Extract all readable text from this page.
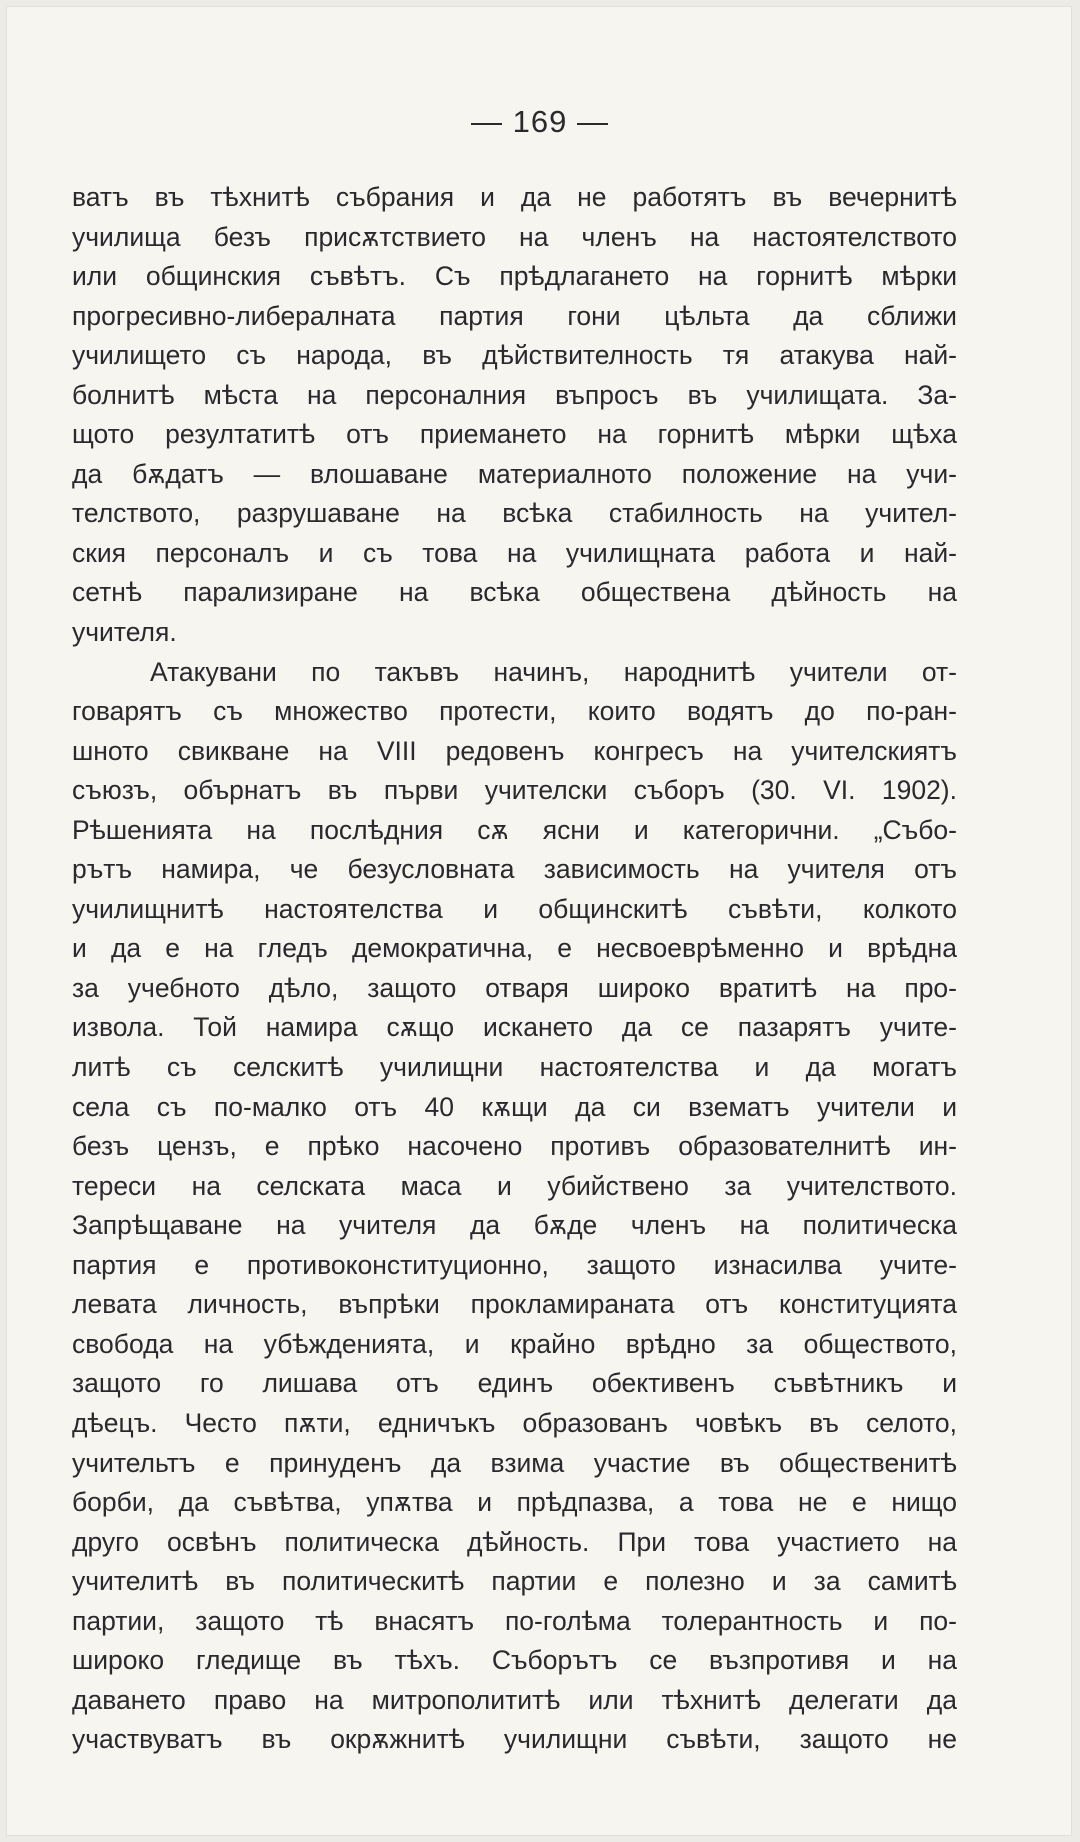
— 169 —
ватъ въ тѣхнитѣ събрания и да не работятъ въ вечернитѣ
училища безъ присѫтствието на членъ на настоятелството
или общинския съвѣтъ. Съ прѣдлагането на горнитѣ мѣрки
прогресивно-либералната партия гони цѣльта да сближи
училището съ народа, въ дѣйствителность тя атакува най-
болнитѣ мѣста на персоналния въпросъ въ училищата. За-
щото резултатитѣ отъ приемането на горнитѣ мѣрки щѣха
да бѫдатъ — влошаване материалното положение на учи-
телството, разрушаване на всѣка стабилность на учител-
ския персоналъ и съ това на училищната работа и най-
сетнѣ парализиране на всѣка обществена дѣйность на
учителя.
Атакувани по такъвъ начинъ, народнитѣ учители от-
говарятъ съ множество протести, които водятъ до по-ран-
шното свикване на VIII редовенъ конгресъ на учителскиятъ
съюзъ, обърнатъ въ първи учителски съборъ (30. VI. 1902).
Рѣшенията на послѣдния сѫ ясни и категорични. „Събо-
рътъ намира, че безусловната зависимость на учителя отъ
училищнитѣ настоятелства и общинскитѣ съвѣти, колкото
и да е на гледъ демократична, е несвоеврѣменно и врѣдна
за учебното дѣло, защото отваря широко вратитѣ на про-
извола. Той намира сѫщо искането да се пазарятъ учите-
литѣ съ селскитѣ училищни настоятелства и да могатъ
села съ по-малко отъ 40 кѫщи да си взематъ учители и
безъ цензъ, е прѣко насочено противъ образователнитѣ ин-
тереси на селската маса и убийствено за учителството.
Запрѣщаване на учителя да бѫде членъ на политическа
партия е противоконституционно, защото изнасилва учите-
левата личность, въпрѣки прокламираната отъ конституцията
свобода на убѣжденията, и крайно врѣдно за обществото,
защото го лишава отъ единъ обективенъ съвѣтникъ и
дѣецъ. Често пѫти, едничъкъ образованъ човѣкъ въ селото,
учительтъ е принуденъ да взима участие въ общественитѣ
борби, да съвѣтва, упѫтва и прѣдпазва, а това не е нищо
друго освѣнъ политическа дѣйность. При това участието на
учителитѣ въ политическитѣ партии е полезно и за самитѣ
партии, защото тѣ внасятъ по-голѣма толерантность и по-
широко гледище въ тѣхъ. Съборътъ се възпротивя и на
даването право на митрополититѣ или тѣхнитѣ делегати да
участвуватъ въ окрѫжнитѣ училищни съвѣти, защото не
